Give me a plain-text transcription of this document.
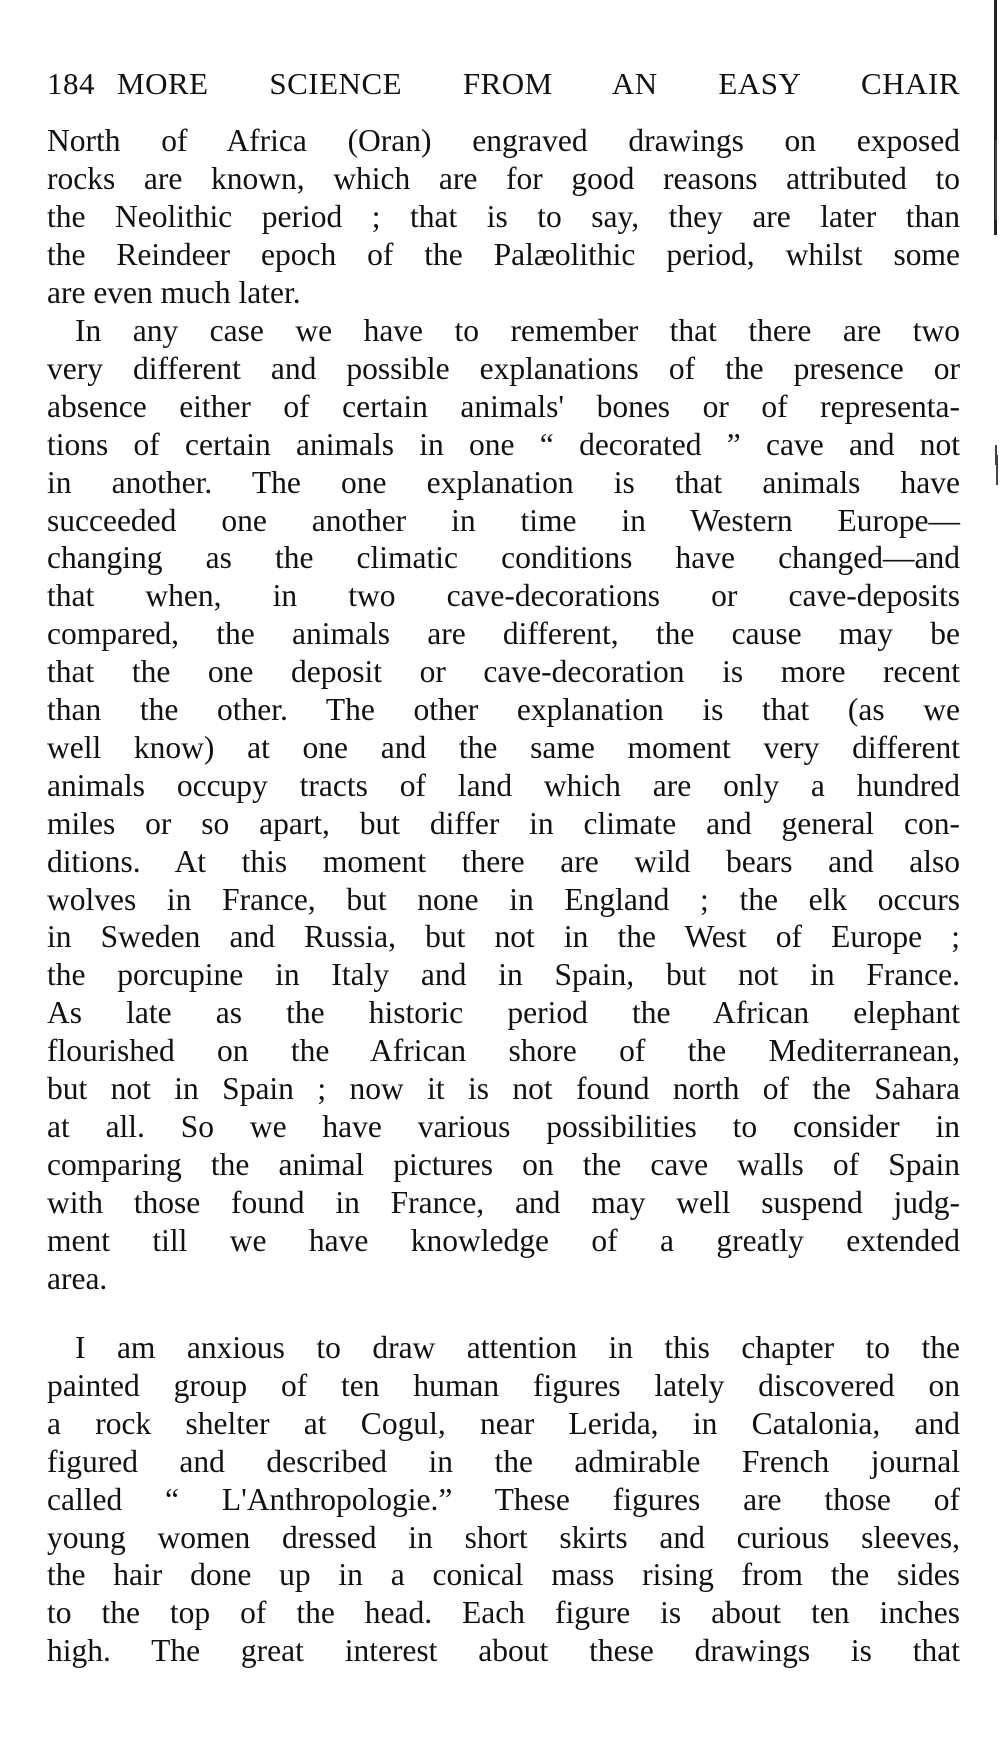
184 MORE SCIENCE FROM AN EASY CHAIR
North of Africa (Oran) engraved drawings on exposed
rocks are known, which are for good reasons attributed to
the Neolithic period ; that is to say, they are later than
the Reindeer epoch of the Palæolithic period, whilst some
are even much later.
In any case we have to remember that there are two
very different and possible explanations of the presence or
absence either of certain animals' bones or of representa-
tions of certain animals in one “ decorated ” cave and not
in another. The one explanation is that animals have
succeeded one another in time in Western Europe—
changing as the climatic conditions have changed—and
that when, in two cave-decorations or cave-deposits
compared, the animals are different, the cause may be
that the one deposit or cave-decoration is more recent
than the other. The other explanation is that (as we
well know) at one and the same moment very different
animals occupy tracts of land which are only a hundred
miles or so apart, but differ in climate and general con-
ditions. At this moment there are wild bears and also
wolves in France, but none in England ; the elk occurs
in Sweden and Russia, but not in the West of Europe ;
the porcupine in Italy and in Spain, but not in France.
As late as the historic period the African elephant
flourished on the African shore of the Mediterranean,
but not in Spain ; now it is not found north of the Sahara
at all. So we have various possibilities to consider in
comparing the animal pictures on the cave walls of Spain
with those found in France, and may well suspend judg-
ment till we have knowledge of a greatly extended
area.
I am anxious to draw attention in this chapter to the
painted group of ten human figures lately discovered on
a rock shelter at Cogul, near Lerida, in Catalonia, and
figured and described in the admirable French journal
called “ L'Anthropologie.” These figures are those of
young women dressed in short skirts and curious sleeves,
the hair done up in a conical mass rising from the sides
to the top of the head. Each figure is about ten inches
high. The great interest about these drawings is that
